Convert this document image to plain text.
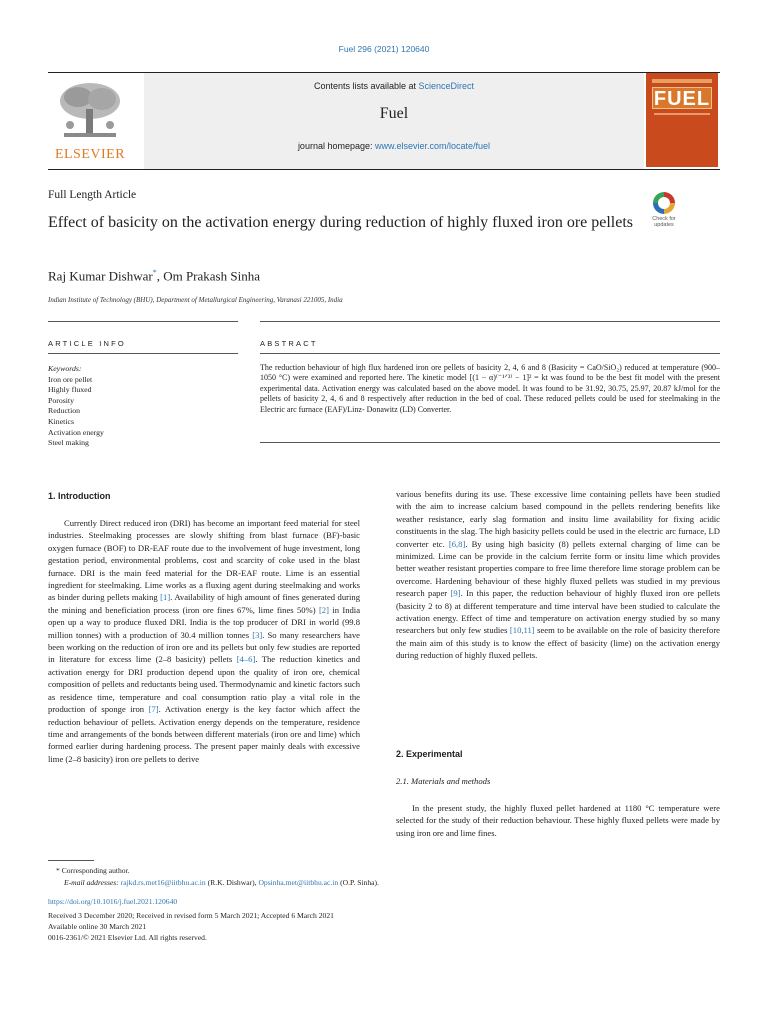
Fuel 296 (2021) 120640
ELSEVIER
Contents lists available at ScienceDirect
Fuel
journal homepage: www.elsevier.com/locate/fuel
FUEL
Full Length Article
Effect of basicity on the activation energy during reduction of highly fluxed iron ore pellets	Check for updates
Raj Kumar Dishwar*, Om Prakash Sinha
Indian Institute of Technology (BHU), Department of Metallurgical Engineering, Varanasi 221005, India
ARTICLE INFO	ABSTRACT
Keywords:
Iron ore pellet
Highly fluxed
Porosity
Reduction
Kinetics
Activation energy
Steel making
The reduction behaviour of high flux hardened iron ore pellets of basicity 2, 4, 6 and 8 (Basicity = CaO/SiO₂) reduced at temperature (900–1050 °C) were examined and reported here. The kinetic model [(1 − α)⁽⁻¹ᐟ³⁾ − 1]² = kt was found to be the best fit model with the present experimental data. Activation energy was calculated based on the above model. It was found to be 31.92, 30.75, 25.97, 20.87 kJ/mol for the pellets of basicity 2, 4, 6 and 8 respectively after reduction in the bed of coal. These reduced pellets could be used for steelmaking in the Electric arc furnace (EAF)/Linz- Donawitz (LD) Converter.
1. Introduction

Currently Direct reduced iron (DRI) has become an important feed material for steel industries. Steelmaking processes are slowly shifting from blast furnace (BF)-basic oxygen furnace (BOF) to DR-EAF route due to the involvement of huge investment, long gestation period, environmental problems, cost and scarcity of coke used in the blast furnace. DRI is the main feed material for the DR-EAF route. Lime is an essential ingredient for steelmaking. Lime works as a fluxing agent during steelmaking and works as binder during pellets making [1]. Availability of high amount of fines generated during the mining and beneficiation process (iron ore fines 67%, lime fines 50%) [2] in India open up a way to produce fluxed DRI. India is the top producer of DRI in world (99.8 million tonnes) with a production of 30.4 million tonnes [3]. So many researchers have been working on the reduction of iron ore and its pellets but only few studies are reported in literature for excess lime (2–8 basicity) pellets [4–6]. The reduction kinetics and activation energy for DRI production depend upon the quality of iron ore, chemical composition of pellets and reductants being used. Thermodynamic and kinetic factors such as residence time, temperature and coal consumption ratio play a vital role in the production of sponge iron [7]. Activation energy is the key factor which affect the reduction behaviour of pellets. Activation energy depends on the temperature, residence time and arrangements of the bonds between different materials (iron ore and lime) which formed earlier during hardening process. The present paper mainly deals with excessive lime (2–8 basicity) iron ore pellets to derive

various benefits during its use. These excessive lime containing pellets have been studied with the aim to increase calcium based compound in the pellets rendering benefits like weather resistance, early slag formation and insitu lime availability for fixing acidic constituents in the slag. The high basicity pellets could be used in the electric arc furnace, LD converter etc. [6,8]. By using high basicity (8) pellets external charging of lime can be minimized. Lime can be provide in the calcium ferrite form or insitu lime which provides better weather resistant properties compare to free lime therefore lime storage problem can be overcome. Hardening behaviour of these highly fluxed pellets was studied in my previous research paper [9]. In this paper, the reduction behaviour of highly fluxed iron ore pellets (basicity 2 to 8) at different temperature and time interval have been studied to calculate the activation energy. Effect of time and temperature on activation energy studied by so many researchers but only few studies [10,11] seem to be available on the role of basicity therefore the main aim of this study is to know the effect of basicity (lime) on the activation energy during reduction of highly fluxed pellets.

2. Experimental
2.1. Materials and methods

In the present study, the highly fluxed pellet hardened at 1180 °C temperature were selected for the study of their reduction behaviour. These highly fluxed pellets were made by using iron ore and lime fines.

* Corresponding author.
E-mail addresses: rajkd.rs.met16@iitbhu.ac.in (R.K. Dishwar), Opsinha.met@iitbhu.ac.in (O.P. Sinha).
https://doi.org/10.1016/j.fuel.2021.120640
Received 3 December 2020; Received in revised form 5 March 2021; Accepted 6 March 2021
Available online 30 March 2021
0016-2361/© 2021 Elsevier Ltd. All rights reserved.
